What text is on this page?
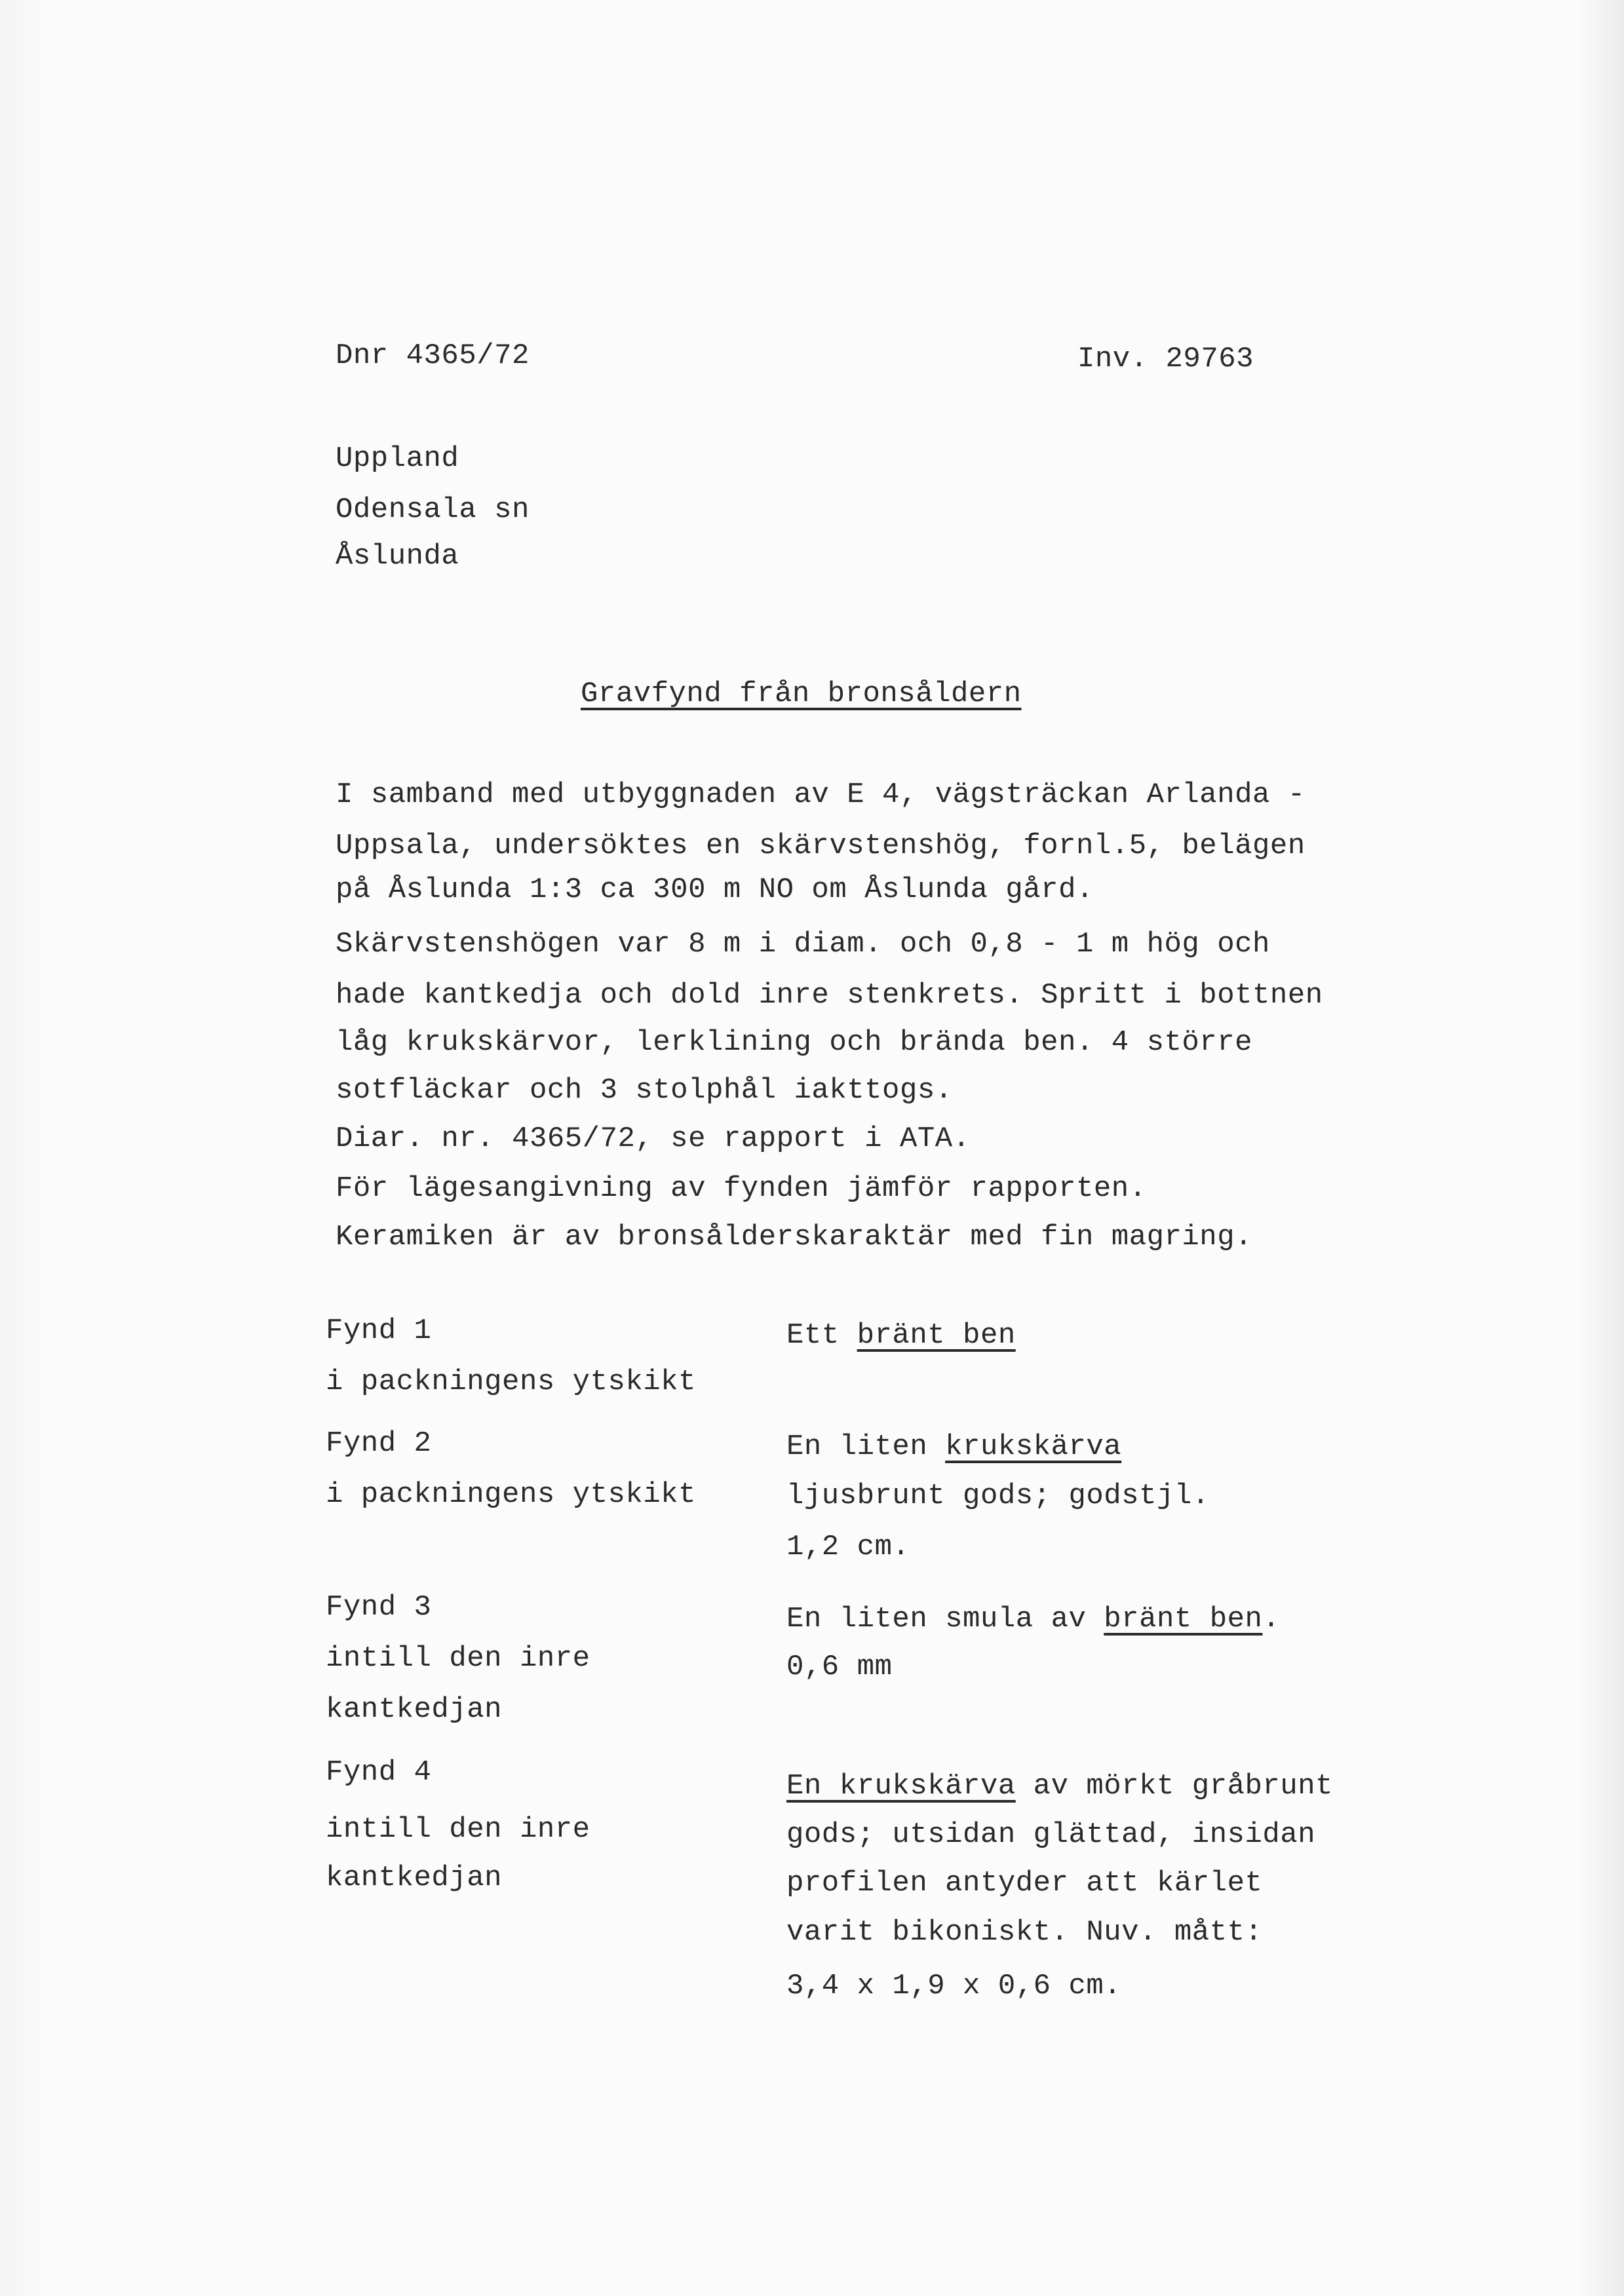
Dnr 4365/72	Inv. 29763
Uppland
Odensala sn
Åslunda
Gravfynd från bronsåldern
I samband med utbyggnaden av E 4, vägsträckan Arlanda -
Uppsala, undersöktes en skärvstenshög, fornl.5, belägen
på Åslunda 1:3 ca 300 m NO om Åslunda gård.
Skärvstenshögen var 8 m i diam. och 0,8 - 1 m hög och
hade kantkedja och dold inre stenkrets. Spritt i bottnen
låg krukskärvor, lerklining och brända ben. 4 större
sotfläckar och 3 stolphål iakttogs.
Diar. nr. 4365/72, se rapport i ATA.
För lägesangivning av fynden jämför rapporten.
Keramiken är av bronsålderskaraktär med fin magring.
Fynd 1
i packningens ytskikt
Ett bränt ben
Fynd 2
i packningens ytskikt
En liten krukskärva
ljusbrunt gods; godstjl.
1,2 cm.
Fynd 3
intill den inre
kantkedjan
En liten smula av bränt ben.
0,6 mm
Fynd 4
intill den inre
kantkedjan
En krukskärva av mörkt gråbrunt
gods; utsidan glättad, insidan
profilen antyder att kärlet
varit bikoniskt. Nuv. mått:
3,4 x 1,9 x 0,6 cm.
